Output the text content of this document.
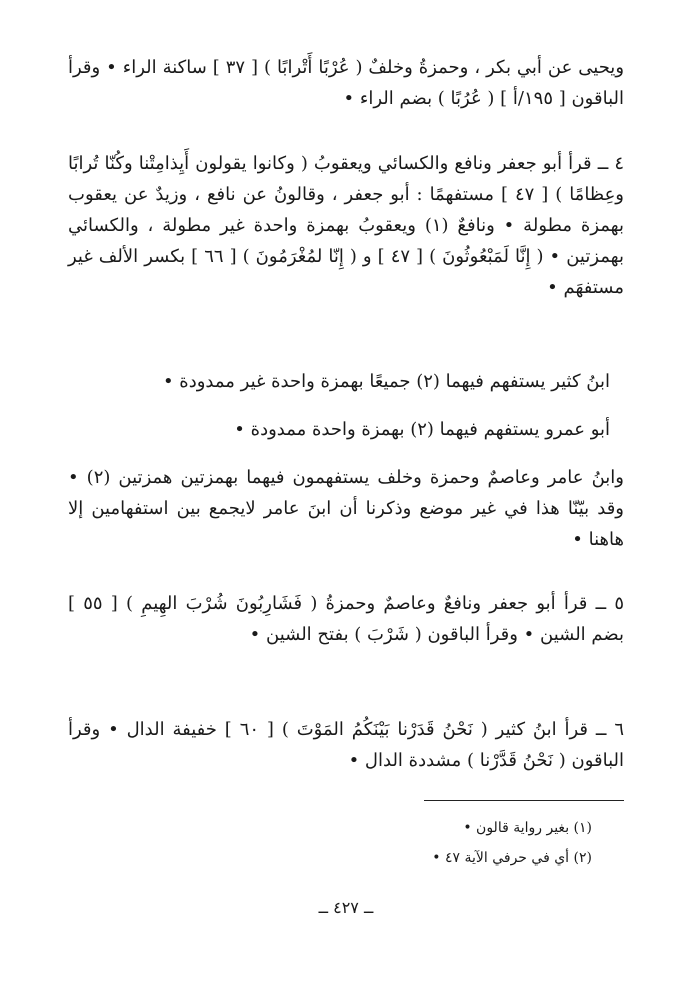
ويحيى عن أبي بكر ، وحمزةُ وخلفٌ ( عُرْبًا أَتْرابًا ) [ ٣٧ ] ساكنة الراء • وقرأ الباقون [ ١٩٥/أ ] ( عُرُبًا ) بضم الراء •

٤ ــ قرأ أبو جعفر ونافع والكسائي ويعقوبُ ( وكانوا يقولون أَيِذامِتْنا وكُنّا تُرابًا وعِظامًا ) [ ٤٧ ] مستفهمًا : أبو جعفر ، وقالونُ عن نافع ، وزيدٌ عن يعقوب بهمزة مطولة • ونافعٌ (١) ويعقوبُ بهمزة واحدة غير مطولة ، والكسائي بهمزتين • ( إِنَّا لَمَبْعُوثُونَ ) [ ٤٧ ] و ( إِنّا لمُغْرَمُونَ ) [ ٦٦ ] بكسر الألف غير مستفهَم •

ابنُ كثير يستفهم فيهما (٢) جميعًا بهمزة واحدة غير ممدودة •

أبو عمرو يستفهم فيهما (٢) بهمزة واحدة ممدودة •

وابنُ عامر وعاصمٌ وحمزة وخلف يستفهمون فيهما بهمزتين همزتين (٢) • وقد بيّنّا هذا في غير موضع وذكرنا أن ابنَ عامر لايجمع بين استفهامين إلا هاهنا •

٥ ــ قرأ أبو جعفر ونافعٌ وعاصمٌ وحمزةُ ( فَشَارِبُونَ شُرْبَ الهِيمِ ) [ ٥٥ ] بضم الشين • وقرأ الباقون ( شَرْبَ ) بفتح الشين •

٦ ــ قرأ ابنُ كثير ( نَحْنُ قَدَرْنا بَيْنَكُمُ المَوْتَ ) [ ٦٠ ] خفيفة الدال • وقرأ الباقون ( نَحْنُ قَدَّرْنا ) مشددة الدال •

(١) بغير رواية قالون •

(٢) أي في حرفي الآية ٤٧ •

ــ ٤٢٧ ــ
